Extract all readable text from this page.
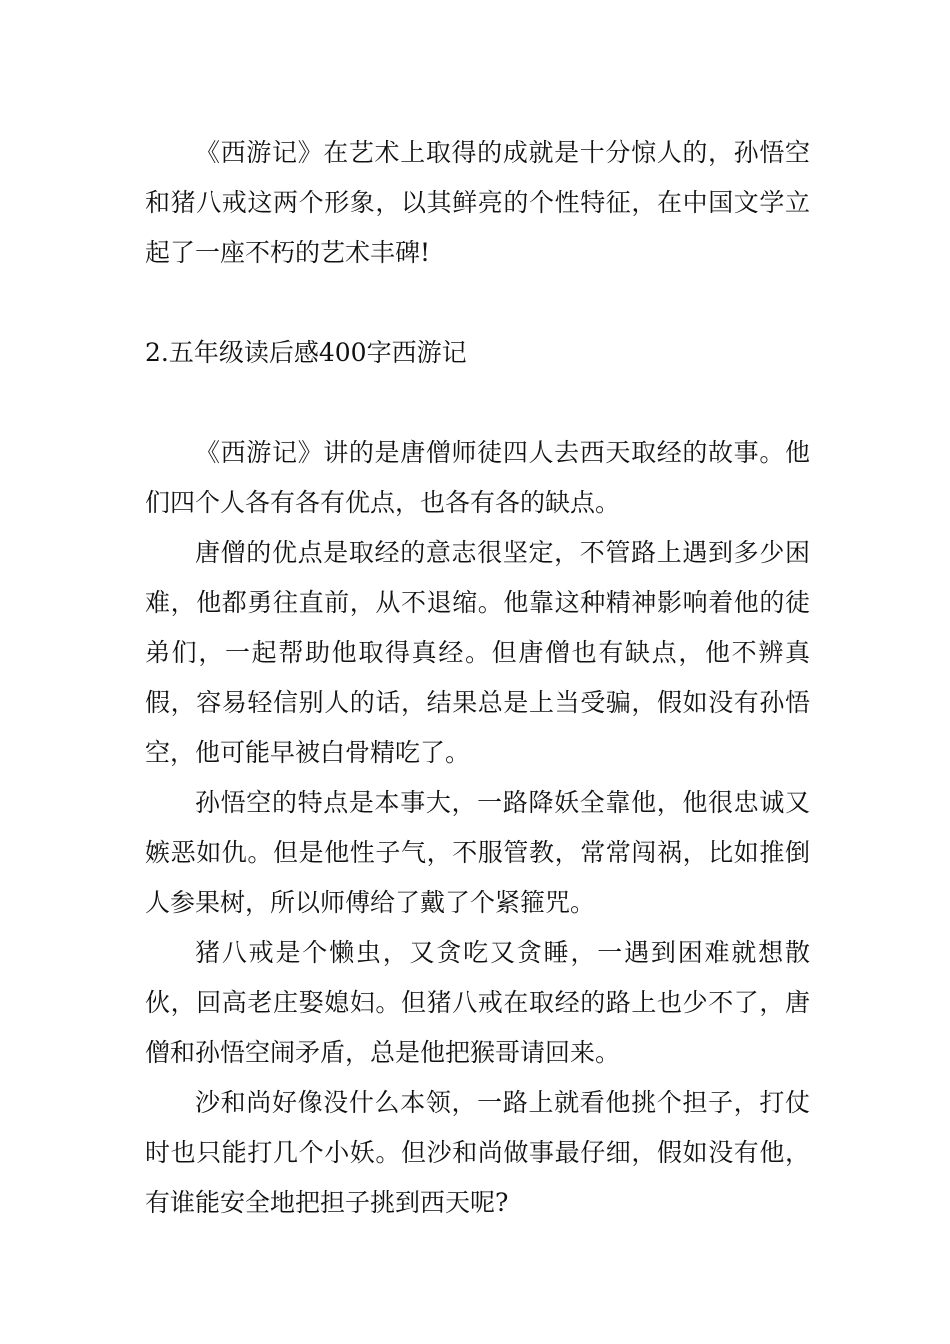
《西游记》在艺术上取得的成就是十分惊人的，孙悟空和猪八戒这两个形象，以其鲜亮的个性特征，在中国文学立起了一座不朽的艺术丰碑!

2.五年级读后感400字西游记

《西游记》讲的是唐僧师徒四人去西天取经的故事。他们四个人各有各有优点，也各有各的缺点。

唐僧的优点是取经的意志很坚定，不管路上遇到多少困难，他都勇往直前，从不退缩。他靠这种精神影响着他的徒弟们，一起帮助他取得真经。但唐僧也有缺点，他不辨真假，容易轻信别人的话，结果总是上当受骗，假如没有孙悟空，他可能早被白骨精吃了。

孙悟空的特点是本事大，一路降妖全靠他，他很忠诚又嫉恶如仇。但是他性子气，不服管教，常常闯祸，比如推倒人参果树，所以师傅给了戴了个紧箍咒。

猪八戒是个懒虫，又贪吃又贪睡，一遇到困难就想散伙，回高老庄娶媳妇。但猪八戒在取经的路上也少不了，唐僧和孙悟空闹矛盾，总是他把猴哥请回来。

沙和尚好像没什么本领，一路上就看他挑个担子，打仗时也只能打几个小妖。但沙和尚做事最仔细，假如没有他，有谁能安全地把担子挑到西天呢?
